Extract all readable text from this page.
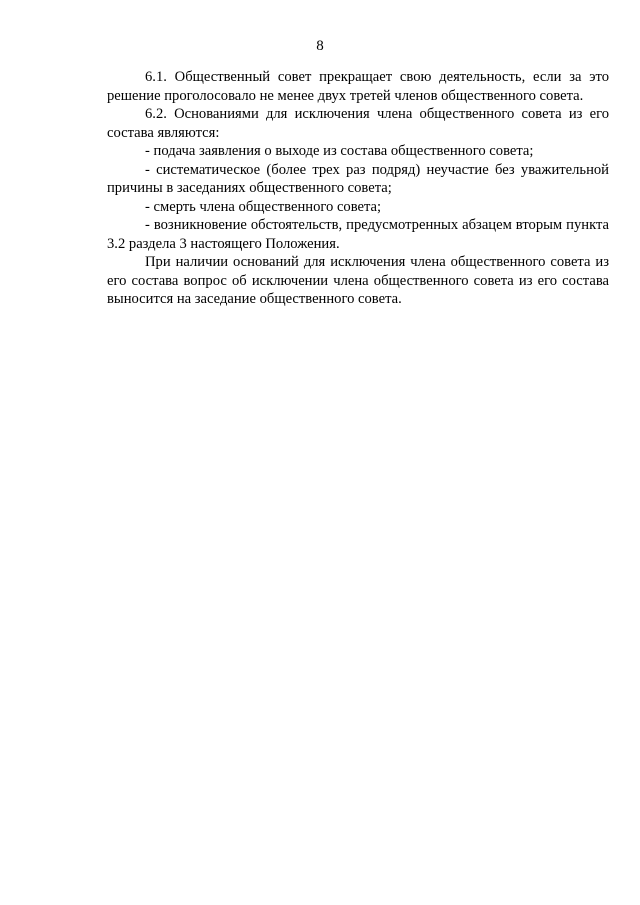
8

6.1. Общественный совет прекращает свою деятельность, если за это решение проголосовало не менее двух третей членов общественного совета.

6.2. Основаниями для исключения члена общественного совета из его состава являются:

- подача заявления о выходе из состава общественного совета;

- систематическое (более трех раз подряд) неучастие без уважительной причины в заседаниях общественного совета;

- смерть члена общественного совета;

- возникновение обстоятельств, предусмотренных абзацем вторым пункта 3.2 раздела 3 настоящего Положения.

При наличии оснований для исключения члена общественного совета из его состава вопрос об исключении члена общественного совета из его состава выносится на заседание общественного совета.
